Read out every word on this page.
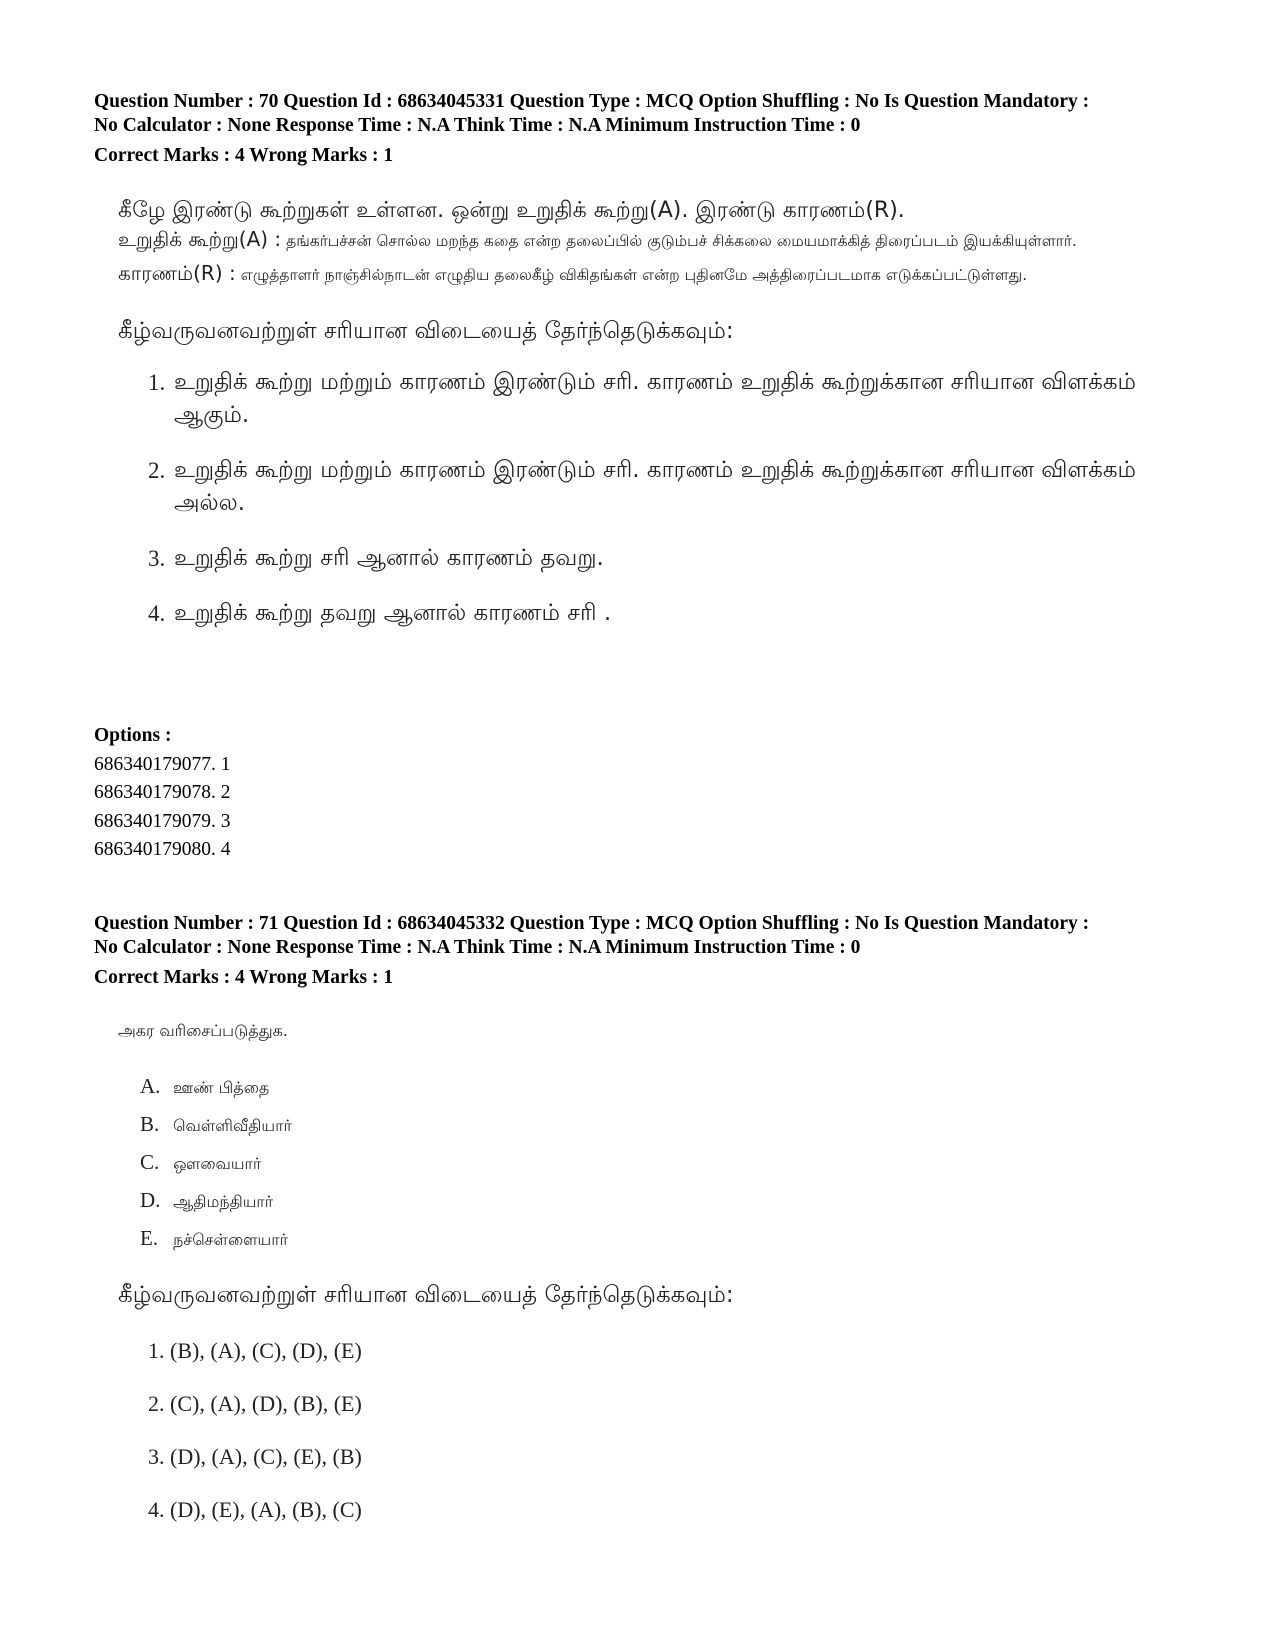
Question Number : 70 Question Id : 68634045331 Question Type : MCQ Option Shuffling : No Is Question Mandatory :
No Calculator : None Response Time : N.A Think Time : N.A Minimum Instruction Time : 0
Correct Marks : 4 Wrong Marks : 1
கீழே இரண்டு கூற்றுகள் உள்ளன. ஒன்று உறுதிக் கூற்று(A). இரண்டு காரணம்(R).
உறுதிக் கூற்று(A) : தங்கர்பச்சன் சொல்ல மறந்த கதை என்ற தலைப்பில் குடும்பச் சிக்கலை மையமாக்கித் திரைப்படம் இயக்கியுள்ளார்.
காரணம்(R) : எழுத்தாளர் நாஞ்சில்நாடன் எழுதிய தலைகீழ் விகிதங்கள் என்ற புதினமே அத்திரைப்படமாக எடுக்கப்பட்டுள்ளது.
கீழ்வருவனவற்றுள் சரியான விடையைத் தேர்ந்தெடுக்கவும்:
1. உறுதிக் கூற்று மற்றும் காரணம் இரண்டும் சரி. காரணம் உறுதிக் கூற்றுக்கான சரியான விளக்கம் ஆகும்.
2. உறுதிக் கூற்று மற்றும் காரணம் இரண்டும் சரி. காரணம் உறுதிக் கூற்றுக்கான சரியான விளக்கம் அல்ல.
3. உறுதிக் கூற்று சரி ஆனால் காரணம் தவறு.
4. உறுதிக் கூற்று தவறு ஆனால் காரணம் சரி .
Options :
686340179077. 1
686340179078. 2
686340179079. 3
686340179080. 4
Question Number : 71 Question Id : 68634045332 Question Type : MCQ Option Shuffling : No Is Question Mandatory :
No Calculator : None Response Time : N.A Think Time : N.A Minimum Instruction Time : 0
Correct Marks : 4 Wrong Marks : 1
அகர வரிசைப்படுத்துக.
A. ஊண் பித்தை
B. வெள்ளிவீதியார்
C. ஔவையார்
D. ஆதிமந்தியார்
E. நச்செள்ளையார்
கீழ்வருவனவற்றுள் சரியான விடையைத் தேர்ந்தெடுக்கவும்:
1. (B), (A), (C), (D), (E)
2. (C), (A), (D), (B), (E)
3. (D), (A), (C), (E), (B)
4. (D), (E), (A), (B), (C)
